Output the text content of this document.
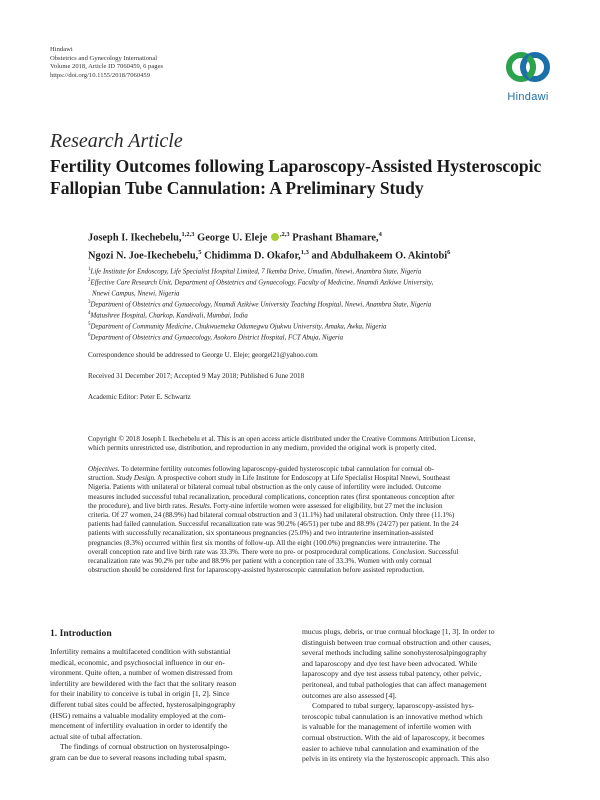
Hindawi
Obstetrics and Gynecology International
Volume 2018, Article ID 7060459, 6 pages
https://doi.org/10.1155/2018/7060459
Hindawi
Research Article
Fertility Outcomes following Laparoscopy-Assisted Hysteroscopic
Fallopian Tube Cannulation: A Preliminary Study
Joseph I. Ikechebelu,$^{1,2,3}$ George U. Eleje $^{,2,3}$ Prashant Bhamare,$^4$
Ngozi N. Joe-Ikechebelu,$^5$ Chidimma D. Okafor,$^{1,3}$ and Abdulhakeem O. Akintobi$^6$
$^1$Life Institute for Endoscopy, Life Specialist Hospital Limited, 7 Ikemba Drive, Umudim, Nnewi, Anambra State, Nigeria
$^2$Effective Care Research Unit, Department of Obstetrics and Gynaecology, Faculty of Medicine, Nnamdi Azikiwe University,
Nnewi Campus, Nnewi, Nigeria
$^3$Department of Obstetrics and Gynaecology, Nnamdi Azikiwe University Teaching Hospital, Nnewi, Anambra State, Nigeria
$^4$Matushree Hospital, Charkop, Kandivali, Mumbai, India
$^5$Department of Community Medicine, Chukwuemeka Odumegwu Ojukwu University, Amaku, Awka, Nigeria
$^6$Department of Obstetrics and Gynaecology, Asokoro District Hospital, FCT Abuja, Nigeria
Correspondence should be addressed to George U. Eleje; georgel21@yahoo.com
Received 31 December 2017; Accepted 9 May 2018; Published 6 June 2018
Academic Editor: Peter E. Schwartz
Copyright © 2018 Joseph I. Ikechebelu et al. This is an open access article distributed under the Creative Commons Attribution License,
which permits unrestricted use, distribution, and reproduction in any medium, provided the original work is properly cited.
Objectives. To determine fertility outcomes following laparoscopy-guided hysteroscopic tubal cannulation for cornual ob-
struction. Study Design. A prospective cohort study in Life Institute for Endoscopy at Life Specialist Hospital Nnewi, Southeast
Nigeria. Patients with unilateral or bilateral cornual tubal obstruction as the only cause of infertility were included. Outcome
measures included successful tubal recanalization, procedural complications, conception rates (first spontaneous conception after
the procedure), and live birth rates. Results. Forty-nine infertile women were assessed for eligibility, but 27 met the inclusion
criteria. Of 27 women, 24 (88.9%) had bilateral cornual obstruction and 3 (11.1%) had unilateral obstruction. Only three (11.1%)
patients had failed cannulation. Successful recanalization rate was 90.2% (46/51) per tube and 88.9% (24/27) per patient. In the 24
patients with successfully recanalization, six spontaneous pregnancies (25.0%) and two intrauterine insemination-assisted
pregnancies (8.3%) occurred within first six months of follow-up. All the eight (100.0%) pregnancies were intrauterine. The
overall conception rate and live birth rate was 33.3%. There were no pre- or postprocedural complications. Conclusion. Successful
recanalization rate was 90.2% per tube and 88.9% per patient with a conception rate of 33.3%. Women with only cornual
obstruction should be considered first for laparoscopy-assisted hysteroscopic cannulation before assisted reproduction.
1. Introduction
Infertility remains a multifaceted condition with substantial
medical, economic, and psychosocial influence in our en-
vironment. Quite often, a number of women distressed from
infertility are bewildered with the fact that the solitary reason
for their inability to conceive is tubal in origin [1, 2]. Since
different tubal sites could be affected, hysterosalpingography
(HSG) remains a valuable modality employed at the com-
mencement of infertility evaluation in order to identify the
actual site of tubal affectation.
The findings of cornual obstruction on hysterosalpingo-
gram can be due to several reasons including tubal spasm,
mucus plugs, debris, or true cornual blockage [1, 3]. In order to
distinguish between true cornual obstruction and other causes,
several methods including saline sonohysterosalpingography
and laparoscopy and dye test have been advocated. While
laparoscopy and dye test assess tubal patency, other pelvic,
peritoneal, and tubal pathologies that can affect management
outcomes are also assessed [4].
Compared to tubal surgery, laparoscopy-assisted hys-
teroscopic tubal cannulation is an innovative method which
is valuable for the management of infertile women with
cornual obstruction. With the aid of laparoscopy, it becomes
easier to achieve tubal cannulation and examination of the
pelvis in its entirety via the hysteroscopic approach. This also
